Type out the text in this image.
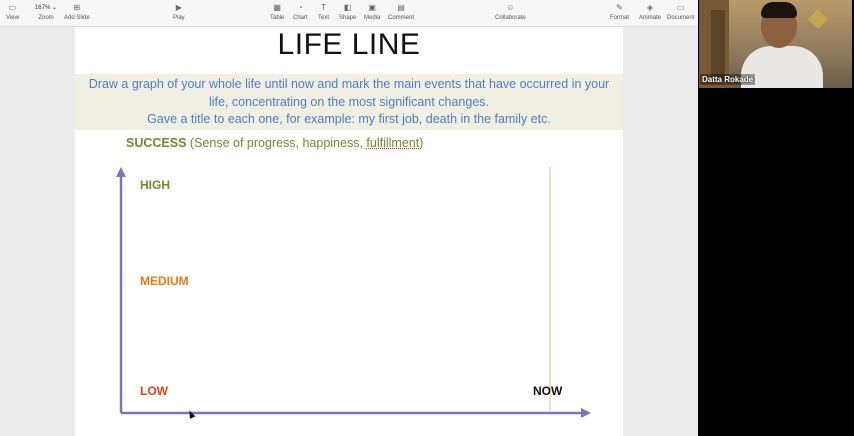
▭
View
167% ⌄
Zoom
⊞
Add Slide
▶
Play
▦
Table
◔
Chart
T
Text
◧
Shape
▣
Media
▤
Comment
☺
Collaborate
✎
Format
◈
Animate
▭
Document
LIFE LINE

Draw a graph of your whole life until now and mark the main events that have occurred in your

life, concentrating on the most significant changes.

Gave a title to each one, for example: my first job, death in the family etc.

SUCCESS (Sense of progress, happiness, fulfillment)
HIGH
MEDIUM
LOW	NOW
Datta Rokade
